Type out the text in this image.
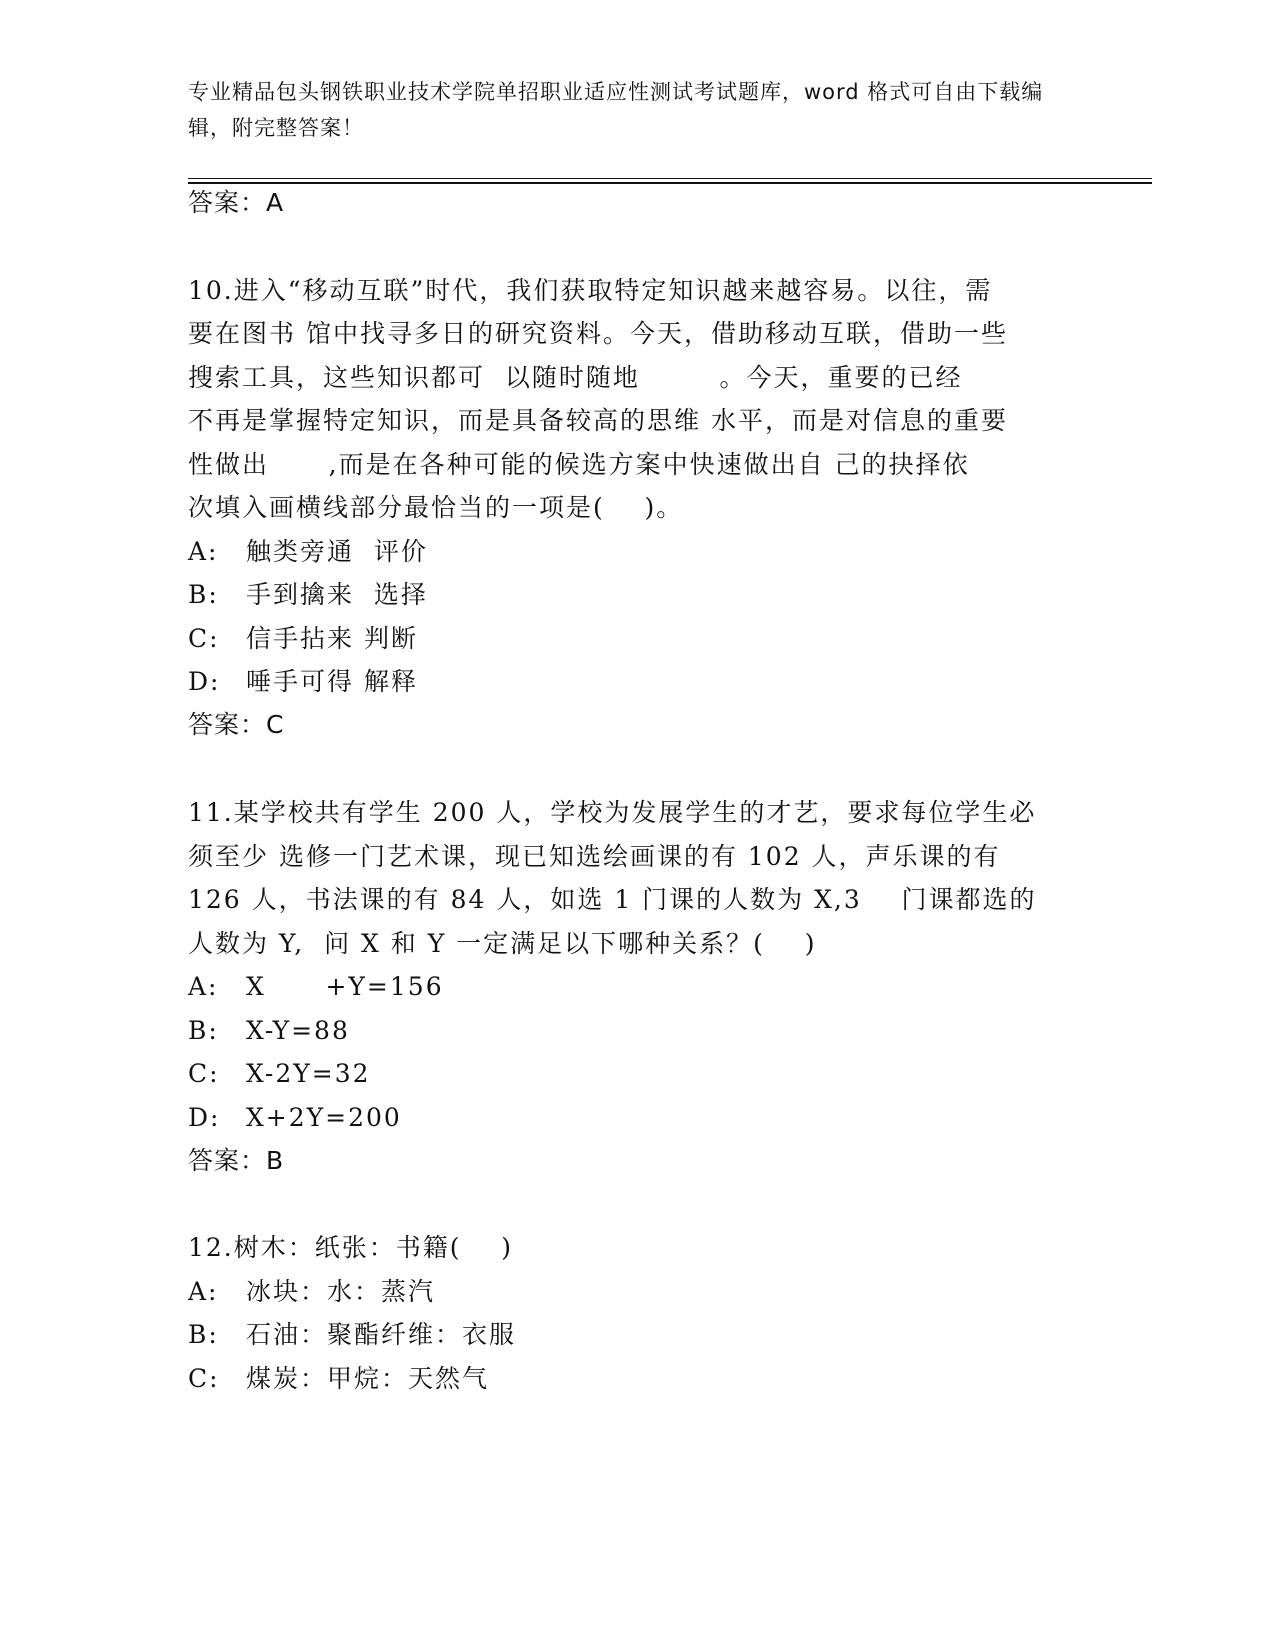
专业精品包头钢铁职业技术学院单招职业适应性测试考试题库，word 格式可自由下载编辑，附完整答案！
答案：A
10.进入“移动互联”时代，我们获取特定知识越来越容易。以往，需
要在图书 馆中找寻多日的研究资料。今天，借助移动互联，借助一些
搜索工具，这些知识都可  以随时随地        。今天，重要的已经
不再是掌握特定知识，而是具备较高的思维 水平，而是对信息的重要
性做出      ,而是在各种可能的候选方案中快速做出自 己的抉择依
次填入画横线部分最恰当的一项是(    )。
A: 触类旁通  评价
B: 手到擒来  选择
C: 信手拈来 判断
D: 唾手可得 解释
答案：C
11.某学校共有学生 200 人，学校为发展学生的才艺，要求每位学生必
须至少 选修一门艺术课，现已知选绘画课的有 102 人，声乐课的有
126 人，书法课的有 84 人，如选 1 门课的人数为 X,3    门课都选的
人数为 Y,  问 X 和 Y 一定满足以下哪种关系？(    )
A: X      +Y=156
B: X-Y=88
C: X-2Y=32
D: X+2Y=200
答案：B
12.树木：纸张：书籍(    )
A: 冰块：水：蒸汽
B: 石油：聚酯纤维：衣服
C: 煤炭：甲烷：天然气
